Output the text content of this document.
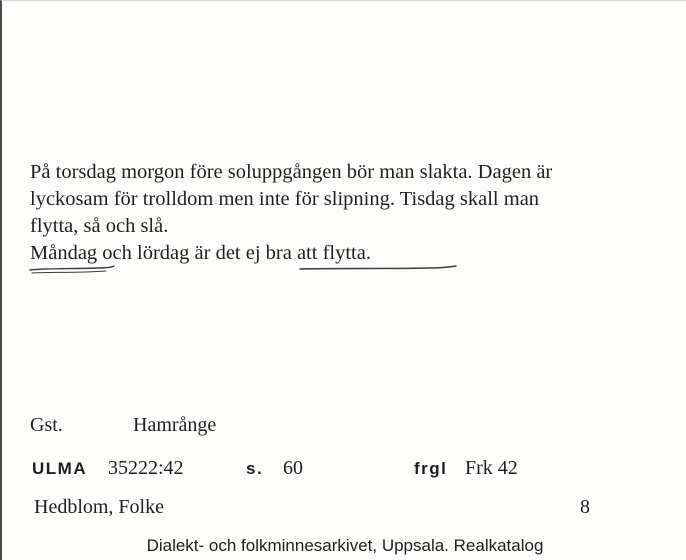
På torsdag morgon före soluppgången bör man slakta. Dagen är
lyckosam för trolldom men inte för slipning. Tisdag skall man
flytta, så och slå.
Måndag och lördag är det ej bra att flytta.
Gst.	Hamrånge
ULMA 35222:42	s. 60	frgl Frk 42
Hedblom, Folke	8
Dialekt- och folkminnesarkivet, Uppsala. Realkatalog
